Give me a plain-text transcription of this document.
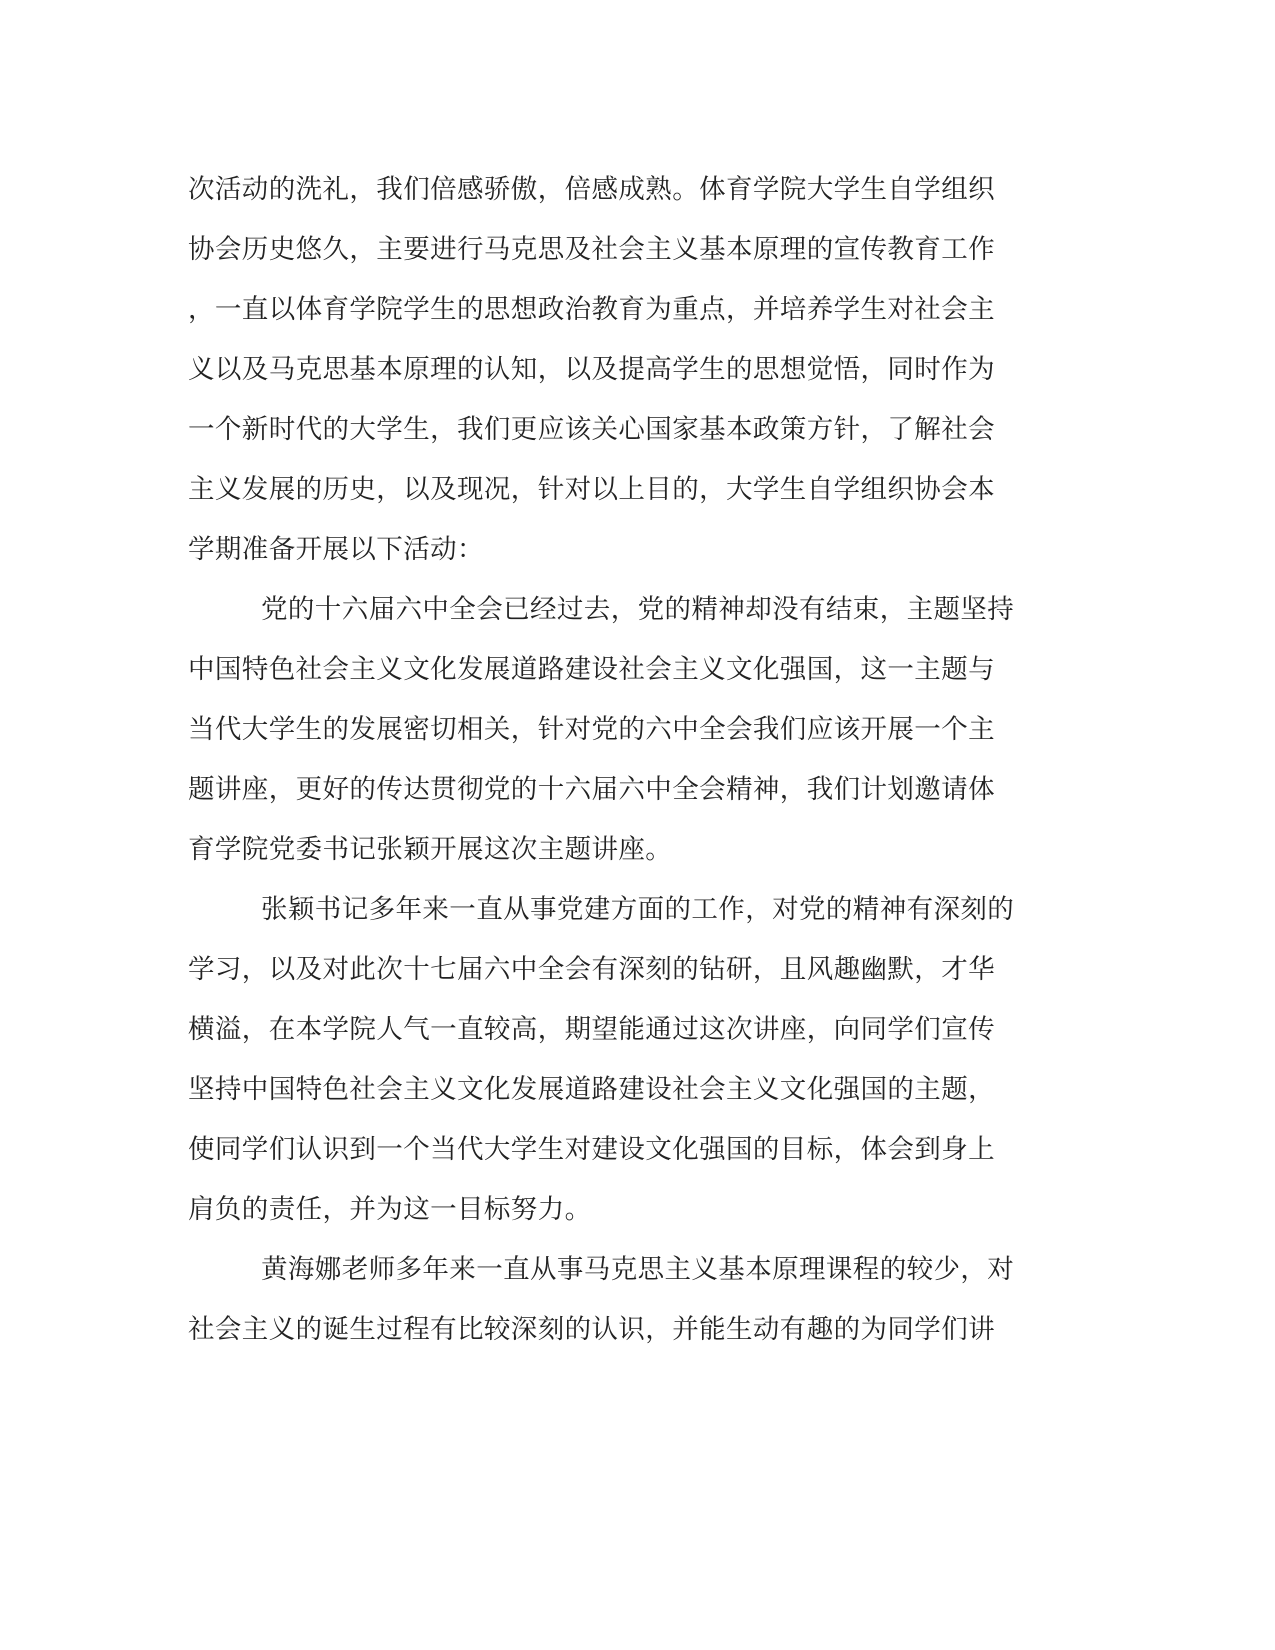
次活动的洗礼，我们倍感骄傲，倍感成熟。体育学院大学生自学组织
协会历史悠久，主要进行马克思及社会主义基本原理的宣传教育工作
，一直以体育学院学生的思想政治教育为重点，并培养学生对社会主
义以及马克思基本原理的认知，以及提高学生的思想觉悟，同时作为
一个新时代的大学生，我们更应该关心国家基本政策方针，了解社会
主义发展的历史，以及现况，针对以上目的，大学生自学组织协会本
学期准备开展以下活动：
党的十六届六中全会已经过去，党的精神却没有结束，主题坚持
中国特色社会主义文化发展道路建设社会主义文化强国，这一主题与
当代大学生的发展密切相关，针对党的六中全会我们应该开展一个主
题讲座，更好的传达贯彻党的十六届六中全会精神，我们计划邀请体
育学院党委书记张颖开展这次主题讲座。
张颖书记多年来一直从事党建方面的工作，对党的精神有深刻的
学习，以及对此次十七届六中全会有深刻的钻研，且风趣幽默，才华
横溢，在本学院人气一直较高，期望能通过这次讲座，向同学们宣传
坚持中国特色社会主义文化发展道路建设社会主义文化强国的主题，
使同学们认识到一个当代大学生对建设文化强国的目标，体会到身上
肩负的责任，并为这一目标努力。
黄海娜老师多年来一直从事马克思主义基本原理课程的较少，对
社会主义的诞生过程有比较深刻的认识，并能生动有趣的为同学们讲
